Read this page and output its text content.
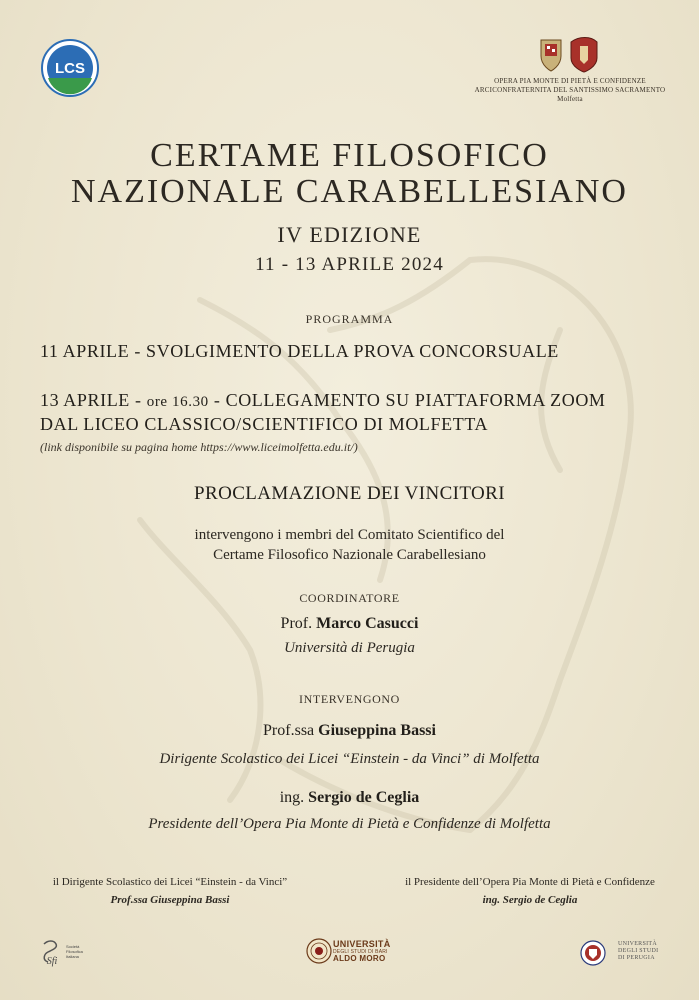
LCS
OPERA PIA MONTE DI PIETÀ E CONFIDENZE
ARCICONFRATERNITA DEL SANTISSIMO SACRAMENTO
Molfetta
CERTAME FILOSOFICO
NAZIONALE CARABELLESIANO
IV EDIZIONE
11 - 13 APRILE 2024
PROGRAMMA
11 APRILE - SVOLGIMENTO DELLA PROVA CONCORSUALE
13 APRILE - ore 16.30 - COLLEGAMENTO SU PIATTAFORMA ZOOM
DAL LICEO CLASSICO/SCIENTIFICO DI MOLFETTA
(link disponibile su pagina home https://www.liceimolfetta.edu.it/)
PROCLAMAZIONE DEI VINCITORI
intervengono i membri del Comitato Scientifico del
Certame Filosofico Nazionale Carabellesiano
COORDINATORE
Prof. Marco Casucci
Università di Perugia
INTERVENGONO
Prof.ssa Giuseppina Bassi
Dirigente Scolastico dei Licei “Einstein - da Vinci” di Molfetta
ing. Sergio de Ceglia
Presidente dell’Opera Pia Monte di Pietà e Confidenze di Molfetta
il Dirigente Scolastico dei Licei “Einstein - da Vinci”
Prof.ssa Giuseppina Bassi
il Presidente dell’Opera Pia Monte di Pietà e Confidenze
ing. Sergio de Ceglia
Sfi
Società
Filosofica
Italiana
UNIVERSITÀ
DEGLI STUDI DI BARI
ALDO MORO
UNIVERSITÀ
DEGLI STUDI
DI PERUGIA
